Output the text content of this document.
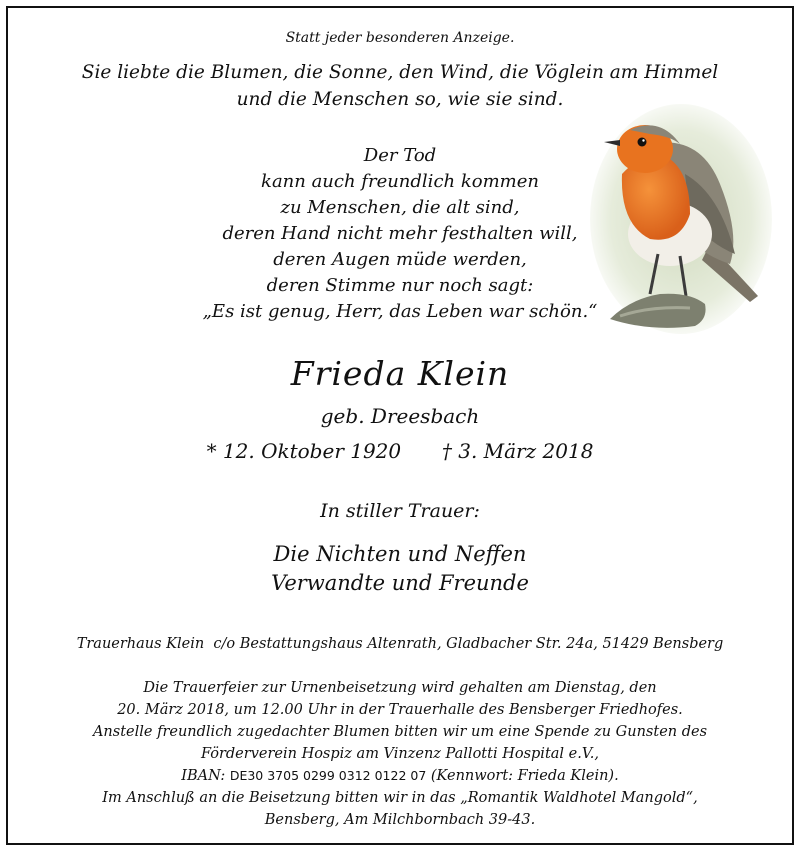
Statt jeder besonderen Anzeige.
Sie liebte die Blumen, die Sonne, den Wind, die Vöglein am Himmel
und die Menschen so, wie sie sind.
Der Tod
kann auch freundlich kommen
zu Menschen, die alt sind,
deren Hand nicht mehr festhalten will,
deren Augen müde werden,
deren Stimme nur noch sagt:
„Es ist genug, Herr, das Leben war schön.“
Frieda Klein
geb. Dreesbach
* 12. Oktober 1920 † 3. März 2018
In stiller Trauer:
Die Nichten und Neffen
Verwandte und Freunde
Trauerhaus Klein  c/o Bestattungshaus Altenrath, Gladbacher Str. 24a, 51429 Bensberg
Die Trauerfeier zur Urnenbeisetzung wird gehalten am Dienstag, den
20. März 2018, um 12.00 Uhr in der Trauerhalle des Bensberger Friedhofes.
Anstelle freundlich zugedachter Blumen bitten wir um eine Spende zu Gunsten des
Förderverein Hospiz am Vinzenz Pallotti Hospital e.V.,
IBAN: DE30 3705 0299 0312 0122 07 (Kennwort: Frieda Klein).
Im Anschluß an die Beisetzung bitten wir in das „Romantik Waldhotel Mangold“,
Bensberg, Am Milchbornbach 39-43.
